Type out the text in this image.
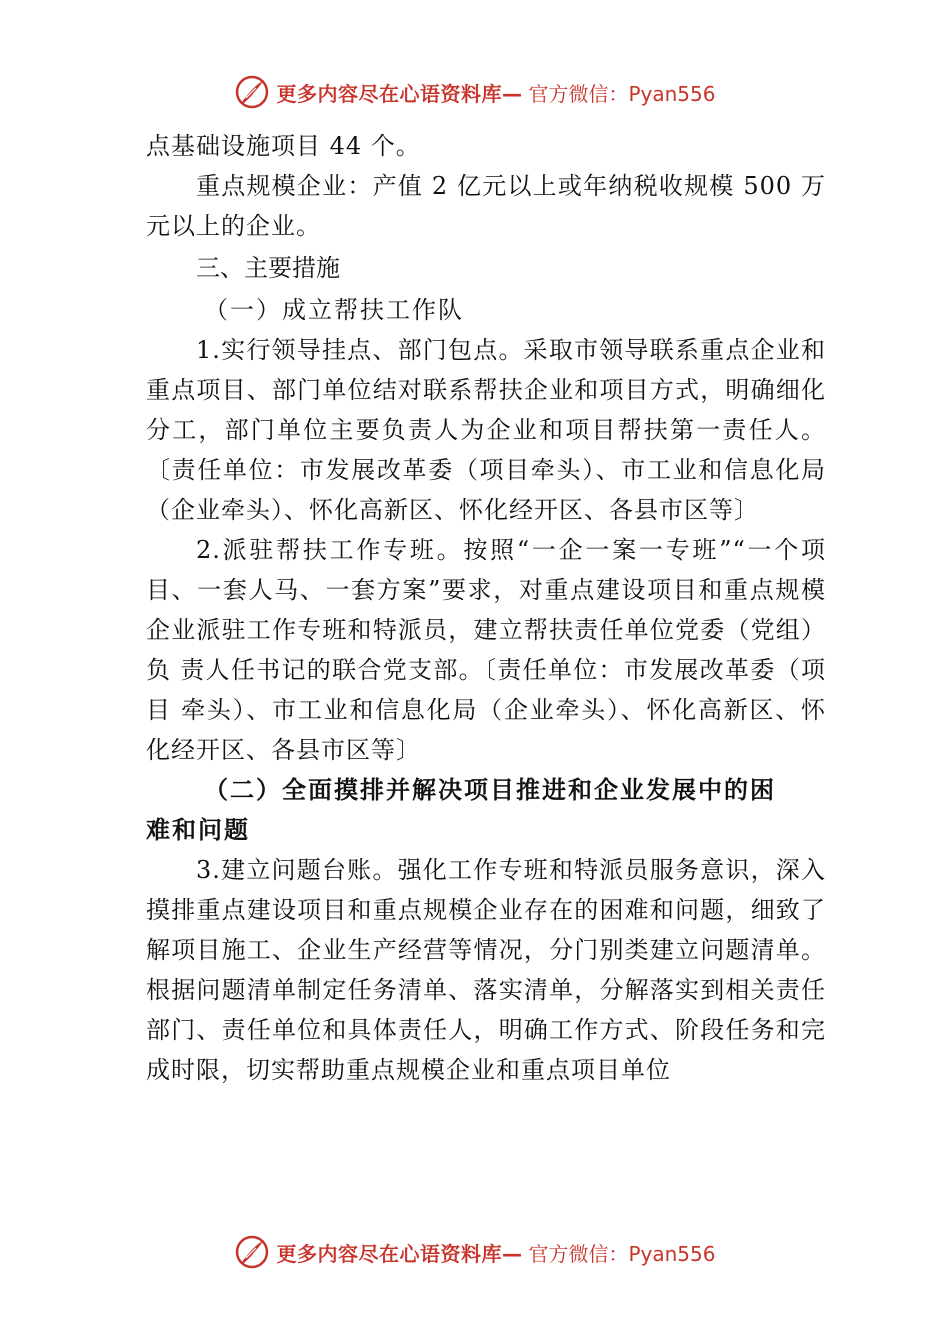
更多内容尽在心语资料库— 官方微信：Pyan556

点基础设施项目 44 个。

重点规模企业：产值 2 亿元以上或年纳税收规模 500 万元以上的企业。

三、主要措施

（一）成立帮扶工作队

1.实行领导挂点、部门包点。采取市领导联系重点企业和重点项目、部门单位结对联系帮扶企业和项目方式，明确细化分工，部门单位主要负责人为企业和项目帮扶第一责任人。〔责任单位：市发展改革委（项目牵头）、市工业和信息化局（企业牵头）、怀化高新区、怀化经开区、各县市区等〕

2.派驻帮扶工作专班。按照“一企一案一专班”“一个项目、一套人马、一套方案”要求，对重点建设项目和重点规模企业派驻工作专班和特派员，建立帮扶责任单位党委（党组）负 责人任书记的联合党支部。〔责任单位：市发展改革委（项目 牵头）、市工业和信息化局（企业牵头）、怀化高新区、怀化经开区、各县市区等〕

（二）全面摸排并解决项目推进和企业发展中的困

难和问题

3.建立问题台账。强化工作专班和特派员服务意识，深入摸排重点建设项目和重点规模企业存在的困难和问题，细致了解项目施工、企业生产经营等情况，分门别类建立问题清单。根据问题清单制定任务清单、落实清单，分解落实到相关责任部门、责任单位和具体责任人，明确工作方式、阶段任务和完成时限，切实帮助重点规模企业和重点项目单位

更多内容尽在心语资料库— 官方微信：Pyan556
